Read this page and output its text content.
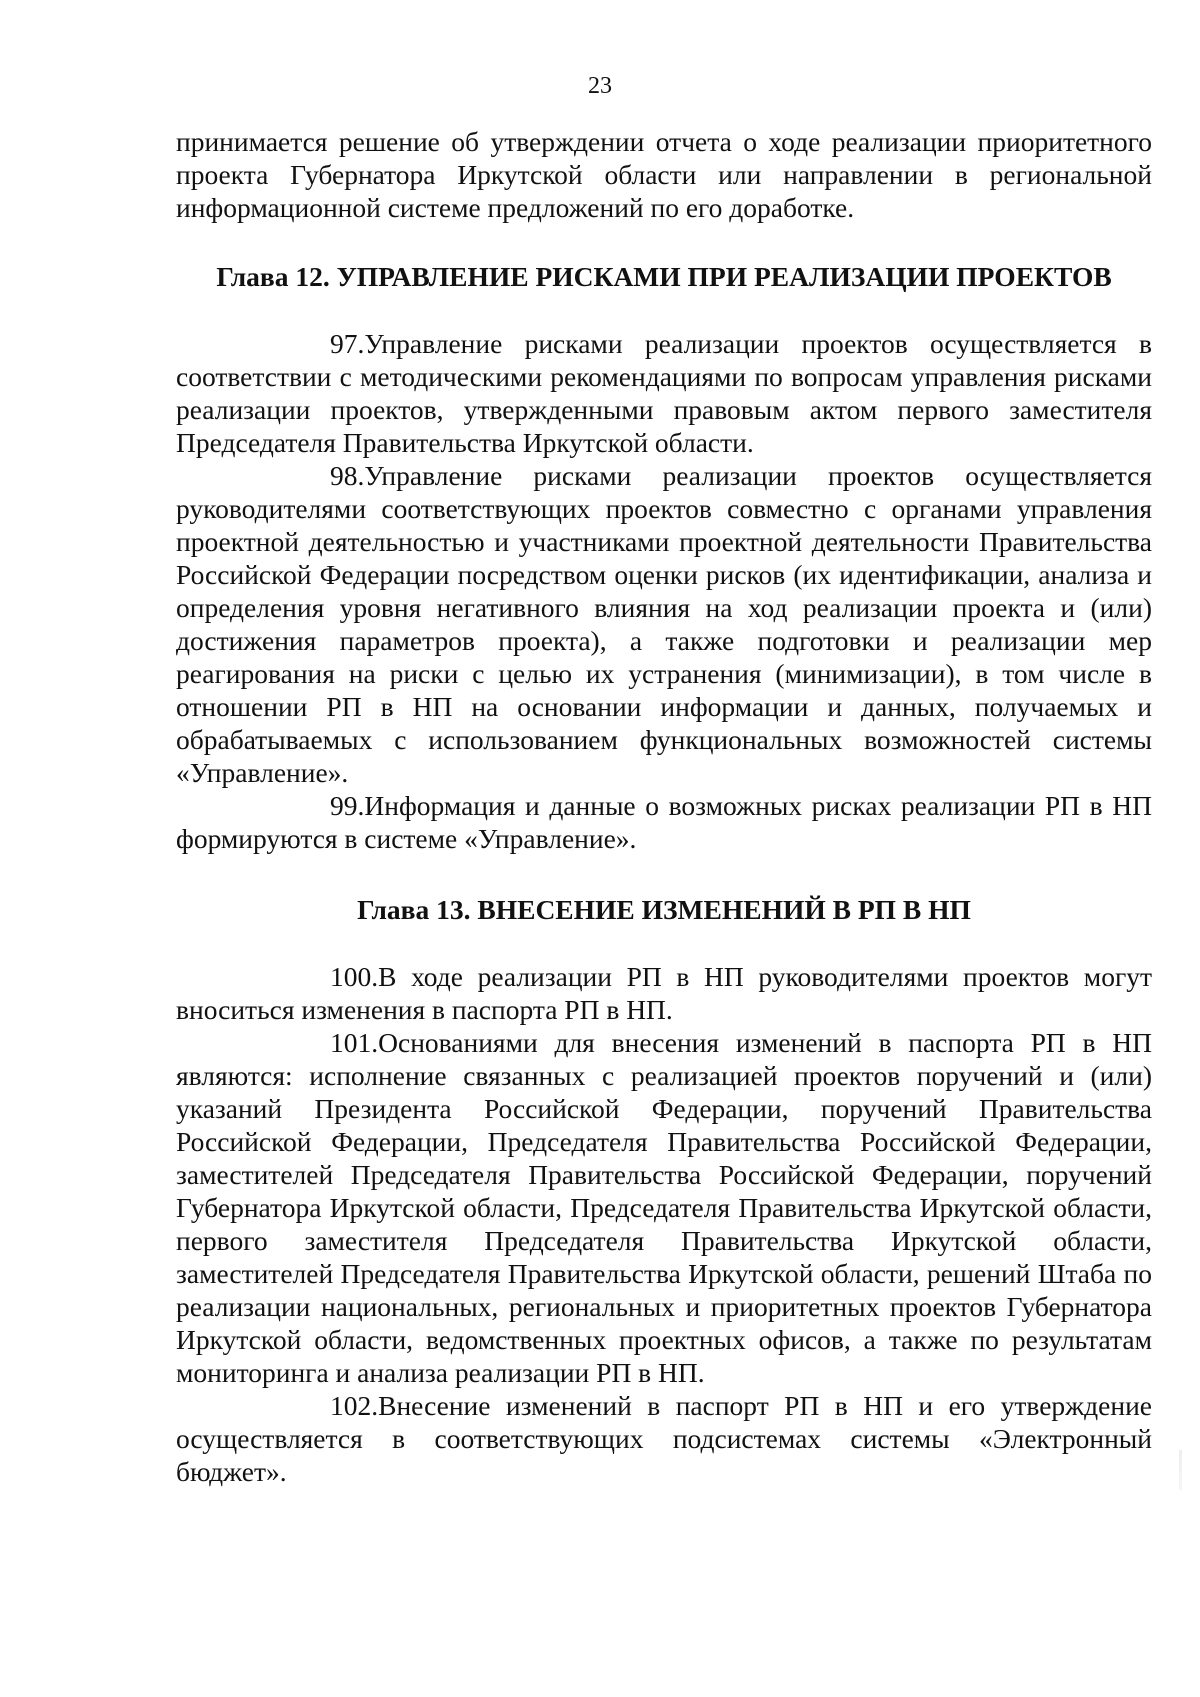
23

принимается решение об утверждении отчета о ходе реализации приоритетного проекта Губернатора Иркутской области или направлении в региональной информационной системе предложений по его доработке.

Глава 12. УПРАВЛЕНИЕ РИСКАМИ ПРИ РЕАЛИЗАЦИИ ПРОЕКТОВ

97.Управление рисками реализации проектов осуществляется в соответствии с методическими рекомендациями по вопросам управления рисками реализации проектов, утвержденными правовым актом первого заместителя Председателя Правительства Иркутской области.

98.Управление рисками реализации проектов осуществляется руководителями соответствующих проектов совместно с органами управления проектной деятельностью и участниками проектной деятельности Правительства Российской Федерации посредством оценки рисков (их идентификации, анализа и определения уровня негативного влияния на ход реализации проекта и (или) достижения параметров проекта), а также подготовки и реализации мер реагирования на риски с целью их устранения (минимизации), в том числе в отношении РП в НП на основании информации и данных, получаемых и обрабатываемых с использованием функциональных возможностей системы «Управление».

99.Информация и данные о возможных рисках реализации РП в НП формируются в системе «Управление».

Глава 13. ВНЕСЕНИЕ ИЗМЕНЕНИЙ В РП В НП

100.В ходе реализации РП в НП руководителями проектов могут вноситься изменения в паспорта РП в НП.

101.Основаниями для внесения изменений в паспорта РП в НП являются: исполнение связанных с реализацией проектов поручений и (или) указаний Президента Российской Федерации, поручений Правительства Российской Федерации, Председателя Правительства Российской Федерации, заместителей Председателя Правительства Российской Федерации, поручений Губернатора Иркутской области, Председателя Правительства Иркутской области, первого заместителя Председателя Правительства Иркутской области, заместителей Председателя Правительства Иркутской области, решений Штаба по реализации национальных, региональных и приоритетных проектов Губернатора Иркутской области, ведомственных проектных офисов, а также по результатам мониторинга и анализа реализации РП в НП.

102.Внесение изменений в паспорт РП в НП и его утверждение осуществляется в соответствующих подсистемах системы «Электронный бюджет».
